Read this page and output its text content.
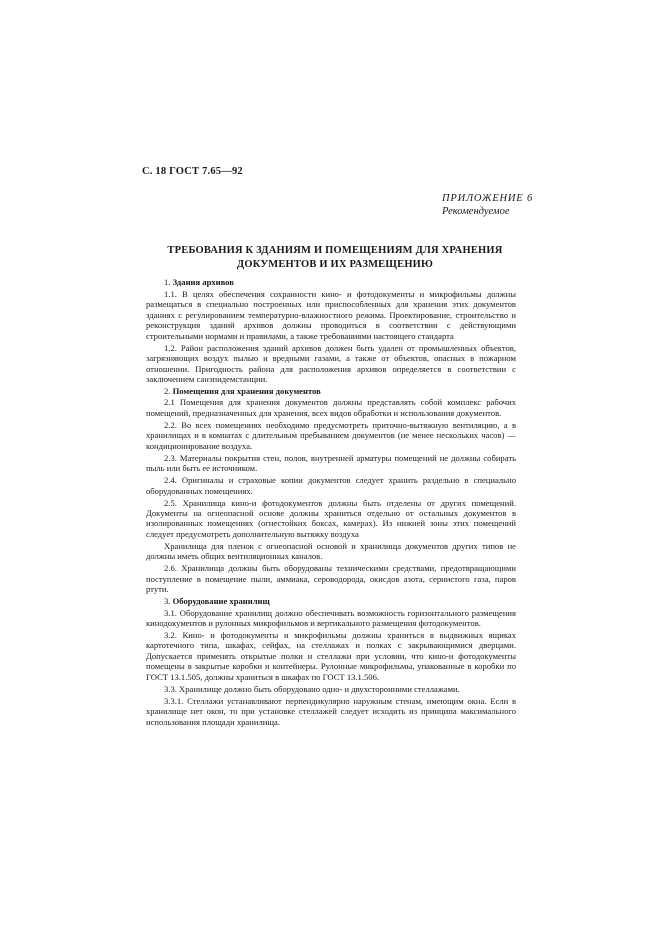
С. 18 ГОСТ 7.65—92
ПРИЛОЖЕНИЕ 6
Рекомендуемое
ТРЕБОВАНИЯ К ЗДАНИЯМ И ПОМЕЩЕНИЯМ ДЛЯ ХРАНЕНИЯ
ДОКУМЕНТОВ И ИХ РАЗМЕЩЕНИЮ

1. Здания архивов

1.1. В целях обеспечения сохранности кино- и фотодокументы и микрофильмы должны размещаться в специально построенных или приспособленных для хранения этих документов зданиях с регулированием температурно-влажностного режима. Проектирование, строительство и реконструкция зданий архивов должны проводиться в соответствии с действующими строительными нормами и правилами, а также требованиями настоящего стандарта

1.2. Район расположения зданий архивов должен быть удален от промышленных объектов, загрязняющих воздух пылью и вредными газами, а также от объектов, опасных в пожарном отношении. Пригодность района для расположения архивов определяется в соответствии с заключением санэпидемстанции.

2. Помещения для хранения документов

2.1 Помещения для хранения документов должны представлять собой комплекс рабочих помещений, предназначенных для хранения, всех видов обработки и использования документов.

2.2. Во всех помещениях необходимо предусмотреть приточно-вытяжную вентиляцию, а в хранилищах и в комнатах с длительным пребыванием документов (не менее нескольких часов) — кондиционирование воздуха.

2.3. Материалы покрытия стен, полов, внутренней арматуры помещений не должны собирать пыль или быть ее источником.

2.4. Оригиналы и страховые копии документов следует хранить раздельно в специально оборудованных помещениях.

2.5. Хранилища кино-и фотодокументов должны быть отделены от других помещений. Документы на огнеопасной основе должны храниться отдельно от остальных документов в изолированных помещениях (огнестойких боксах, камерах). Из нижней зоны этих помещений следует предусмотреть дополнительную вытяжку воздуха

Хранилища для пленок с огнеопасной основой и хранилища документов других типов не должны иметь общих вентиляционных каналов.

2.6. Хранилища должны быть оборудованы техническими средствами, предотвращающими поступление в помещение пыли, аммиака, сероводорода, окисдов азота, сернистого газа, паров ртути.

3. Оборудование хранилищ

3.1. Оборудование хранилищ должно обеспечивать возможность горизонтального размещения кинодокументов и рулонных микрофильмов и вертикального размещения фотодокументов.

3.2. Кино- и фотодокументы и микрофильмы должны храниться в выдвижных ящиках картотечного типа, шкафах, сейфах, на стеллажах и полках с закрывающимися дверцами. Допускается применять открытые полки и стеллажи при условии, что кино-и фотодокументы помещены в закрытые коробки и контейнеры. Рулонные микрофильмы, упакованные в коробки по ГОСТ 13.1.505, должны храниться в шкафах по ГОСТ 13.1.506.

3.3. Хранилище должно быть оборудовано одно- и двухсторонними стеллажами.

3.3.1. Стеллажи устанавливают перпендикулярно наружным стенам, имеющим окна. Если в хранилище нет окон, то при установке стеллажей следует исходить из принципа максимального использования площади хранилища.
